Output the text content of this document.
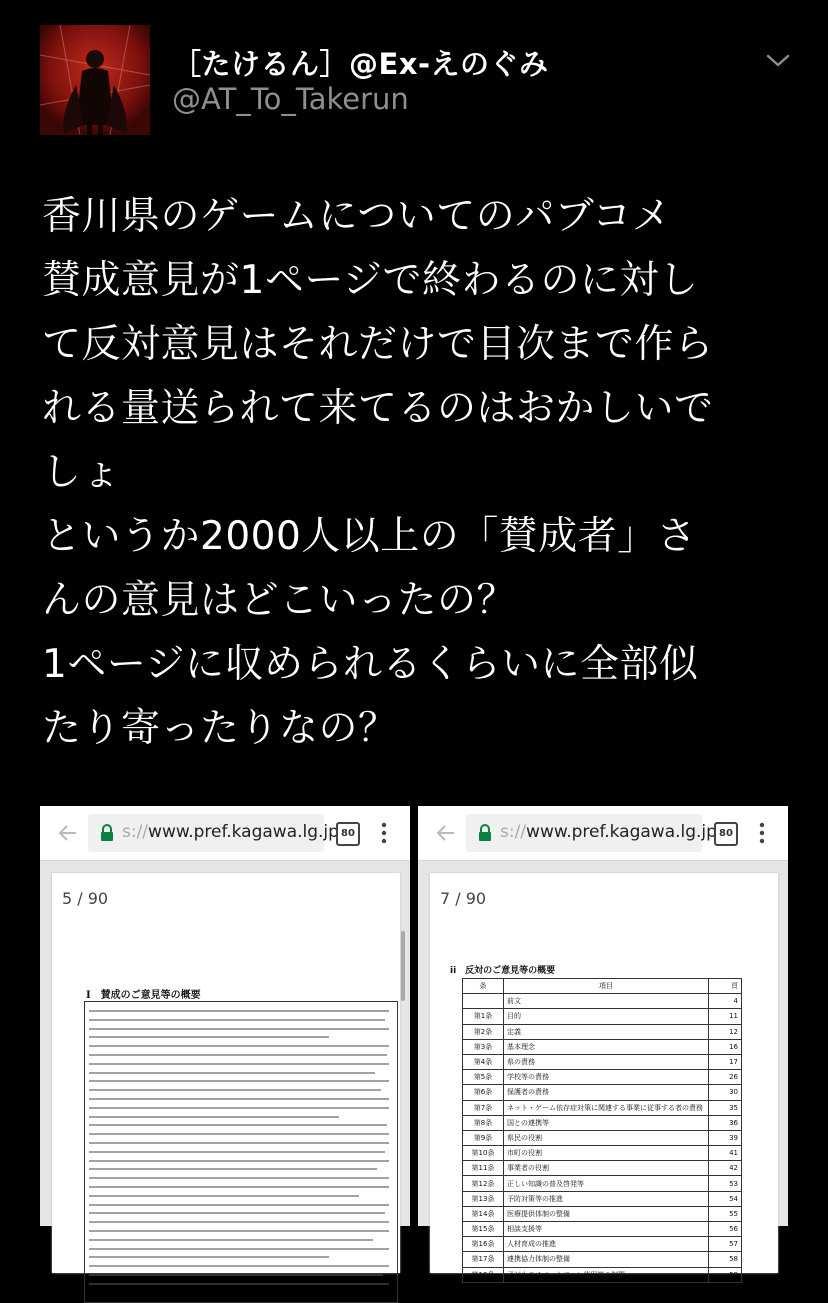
［たけるん］@Ex-えのぐみ
@AT_To_Takerun

香川県のゲームについてのパブコメ
賛成意見が1ページで終わるのに対し
て反対意見はそれだけで目次まで作ら
れる量送られて来てるのはおかしいで
しょ
というか2000人以上の「賛成者」さ
んの意見はどこいったの？
1ページに収められるくらいに全部似
たり寄ったりなの？

s://www.pref.kagawa.lg.jp 80
5 / 90
Ⅰ　賛成のご意見等の概要
s://www.pref.kagawa.lg.jp 80
7 / 90
ii　反対のご意見等の概要
条	項目	頁
	前文	4
第1条	目的	11
第2条	定義	12
第3条	基本理念	16
第4条	県の責務	17
第5条	学校等の責務	26
第6条	保護者の責務	30
第7条	ネット・ゲーム依存症対策に関連する事業に従事する者の責務	35
第8条	国との連携等	36
第9条	県民の役割	39
第10条	市町の役割	41
第11条	事業者の役割	42
第12条	正しい知識の普及啓発等	53
第13条	予防対策等の推進	54
第14条	医療提供体制の整備	55
第15条	相談支援等	56
第16条	人材育成の推進	57
第17条	連携協力体制の整備	58
第18条	子どものスマートフォン使用等の制限	59
